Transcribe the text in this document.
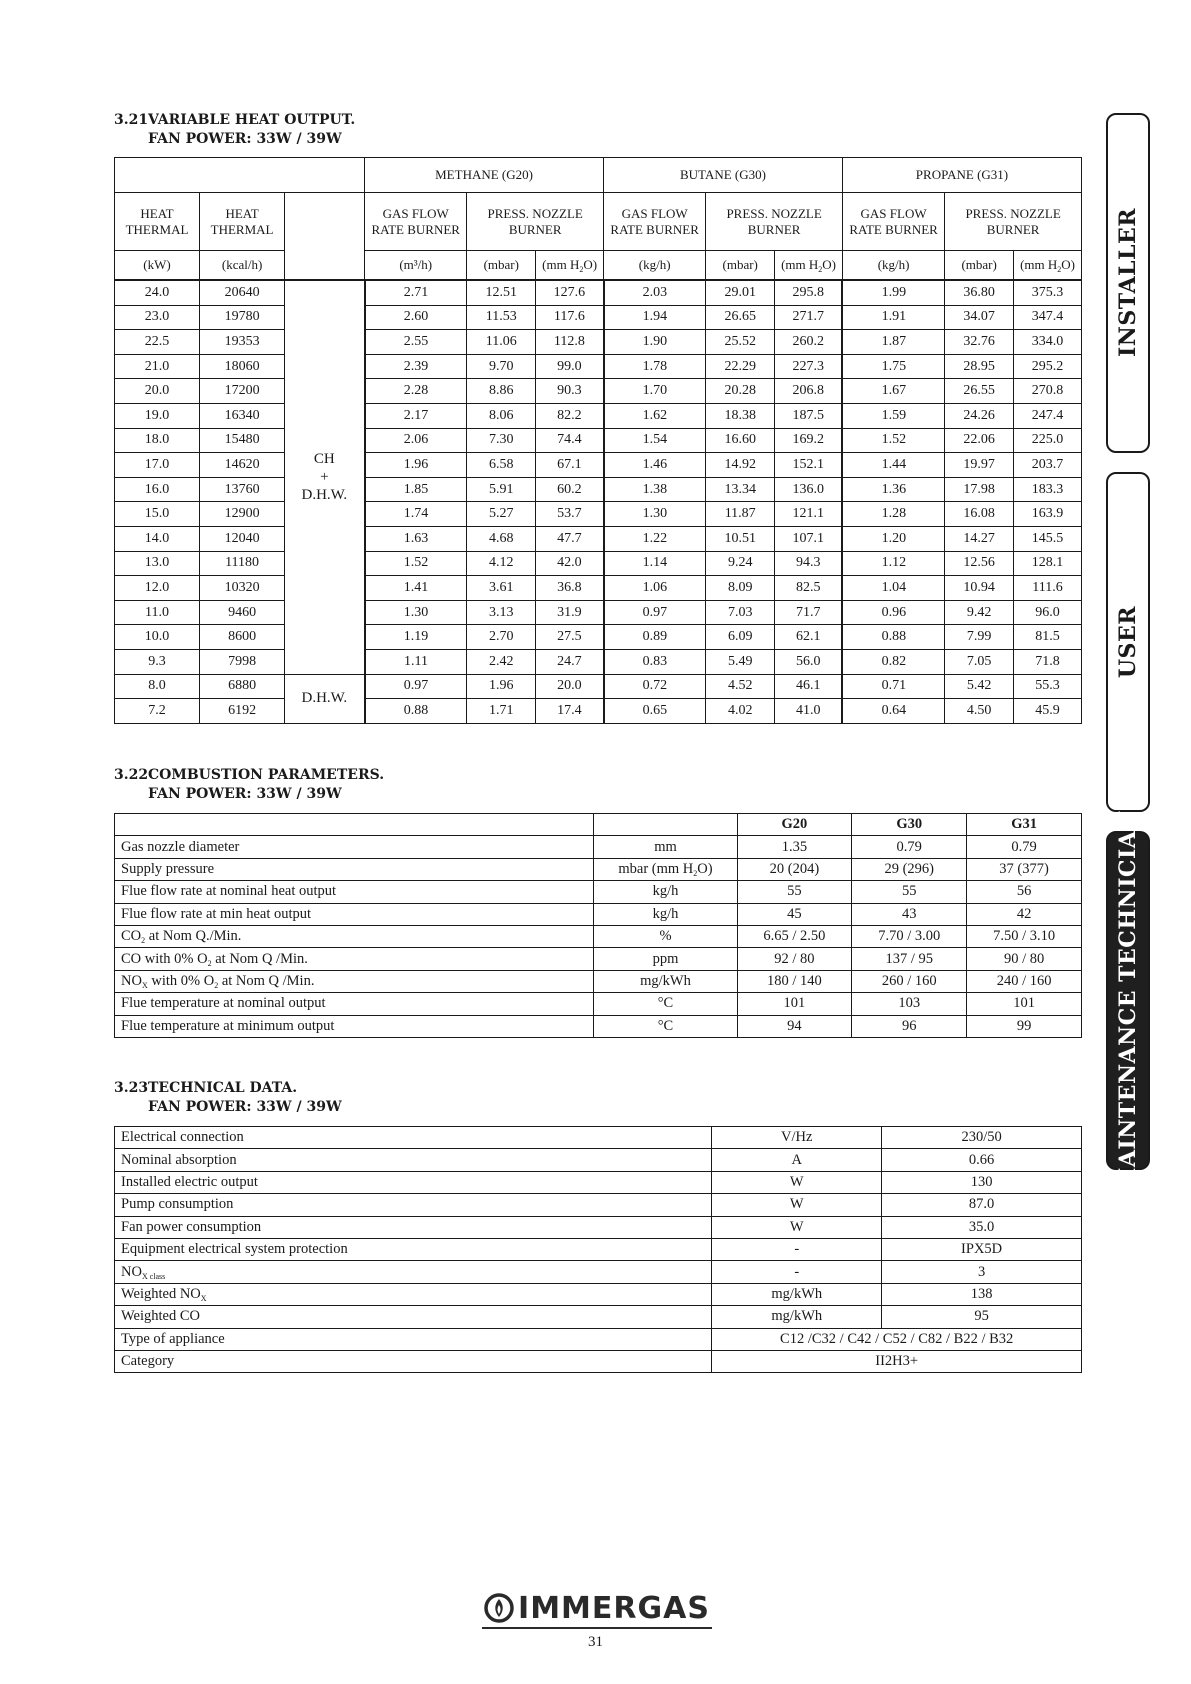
3.21VARIABLE HEAT OUTPUT.
FAN POWER: 33W / 39W
			METHANE (G20)			BUTANE (G30)			PROPANE (G31)		
HEAT THERMAL	HEAT THERMAL		GAS FLOW RATE BURNER	PRESS. NOZZLE BURNER		GAS FLOW RATE BURNER	PRESS. NOZZLE BURNER		GAS FLOW RATE BURNER	PRESS. NOZZLE BURNER	
(kW)	(kcal/h)		(m³/h)	(mbar)	(mm $H_2O$)	(kg/h)	(mbar)	(mm $H_2O$)	(kg/h)	(mbar)	(mm $H_2O$)
24.0	20640	CH
+
D.H.W.	2.71	12.51	127.6	2.03	29.01	295.8	1.99	36.80	375.3
23.0	19780		2.60	11.53	117.6	1.94	26.65	271.7	1.91	34.07	347.4
22.5	19353		2.55	11.06	112.8	1.90	25.52	260.2	1.87	32.76	334.0
21.0	18060		2.39	9.70	99.0	1.78	22.29	227.3	1.75	28.95	295.2
20.0	17200		2.28	8.86	90.3	1.70	20.28	206.8	1.67	26.55	270.8
19.0	16340		2.17	8.06	82.2	1.62	18.38	187.5	1.59	24.26	247.4
18.0	15480		2.06	7.30	74.4	1.54	16.60	169.2	1.52	22.06	225.0
17.0	14620		1.96	6.58	67.1	1.46	14.92	152.1	1.44	19.97	203.7
16.0	13760		1.85	5.91	60.2	1.38	13.34	136.0	1.36	17.98	183.3
15.0	12900		1.74	5.27	53.7	1.30	11.87	121.1	1.28	16.08	163.9
14.0	12040		1.63	4.68	47.7	1.22	10.51	107.1	1.20	14.27	145.5
13.0	11180		1.52	4.12	42.0	1.14	9.24	94.3	1.12	12.56	128.1
12.0	10320		1.41	3.61	36.8	1.06	8.09	82.5	1.04	10.94	111.6
11.0	9460		1.30	3.13	31.9	0.97	7.03	71.7	0.96	9.42	96.0
10.0	8600		1.19	2.70	27.5	0.89	6.09	62.1	0.88	7.99	81.5
9.3	7998		1.11	2.42	24.7	0.83	5.49	56.0	0.82	7.05	71.8
8.0	6880	D.H.W.	0.97	1.96	20.0	0.72	4.52	46.1	0.71	5.42	55.3
7.2	6192		0.88	1.71	17.4	0.65	4.02	41.0	0.64	4.50	45.9
3.22COMBUSTION PARAMETERS.
FAN POWER: 33W / 39W
		G20	G30	G31
Gas nozzle diameter	mm	1.35	0.79	0.79
Supply pressure	mbar (mm $H_2O$)	20 (204)	29 (296)	37 (377)
Flue flow rate at nominal heat output	kg/h	55	55	56
Flue flow rate at min heat output	kg/h	45	43	42
$CO_2$ at Nom Q./Min.	%	6.65 / 2.50	7.70 / 3.00	7.50 / 3.10
CO with 0% $O_2$ at Nom Q /Min.	ppm	92 / 80	137 / 95	90 / 80
$NO_X$ with 0% $O_2$ at Nom Q /Min.	mg/kWh	180 / 140	260 / 160	240 / 160
Flue temperature at nominal output	°C	101	103	101
Flue temperature at minimum output	°C	94	96	99
3.23TECHNICAL DATA.
FAN POWER: 33W / 39W
Electrical connection	V/Hz	230/50
Nominal absorption	A	0.66
Installed electric output	W	130
Pump consumption	W	87.0
Fan power consumption	W	35.0
Equipment electrical system protection	-	IPX5D
$NO_{X class}$	-	3
Weighted $NO_X$	mg/kWh	138
Weighted CO	mg/kWh	95
Type of appliance	C12 /C32 / C42 / C52 / C82 / B22 / B32	
Category	II2H3+	
INSTALLER
USER
MAINTENANCE TECHNICIAN
IMMERGAS
31
